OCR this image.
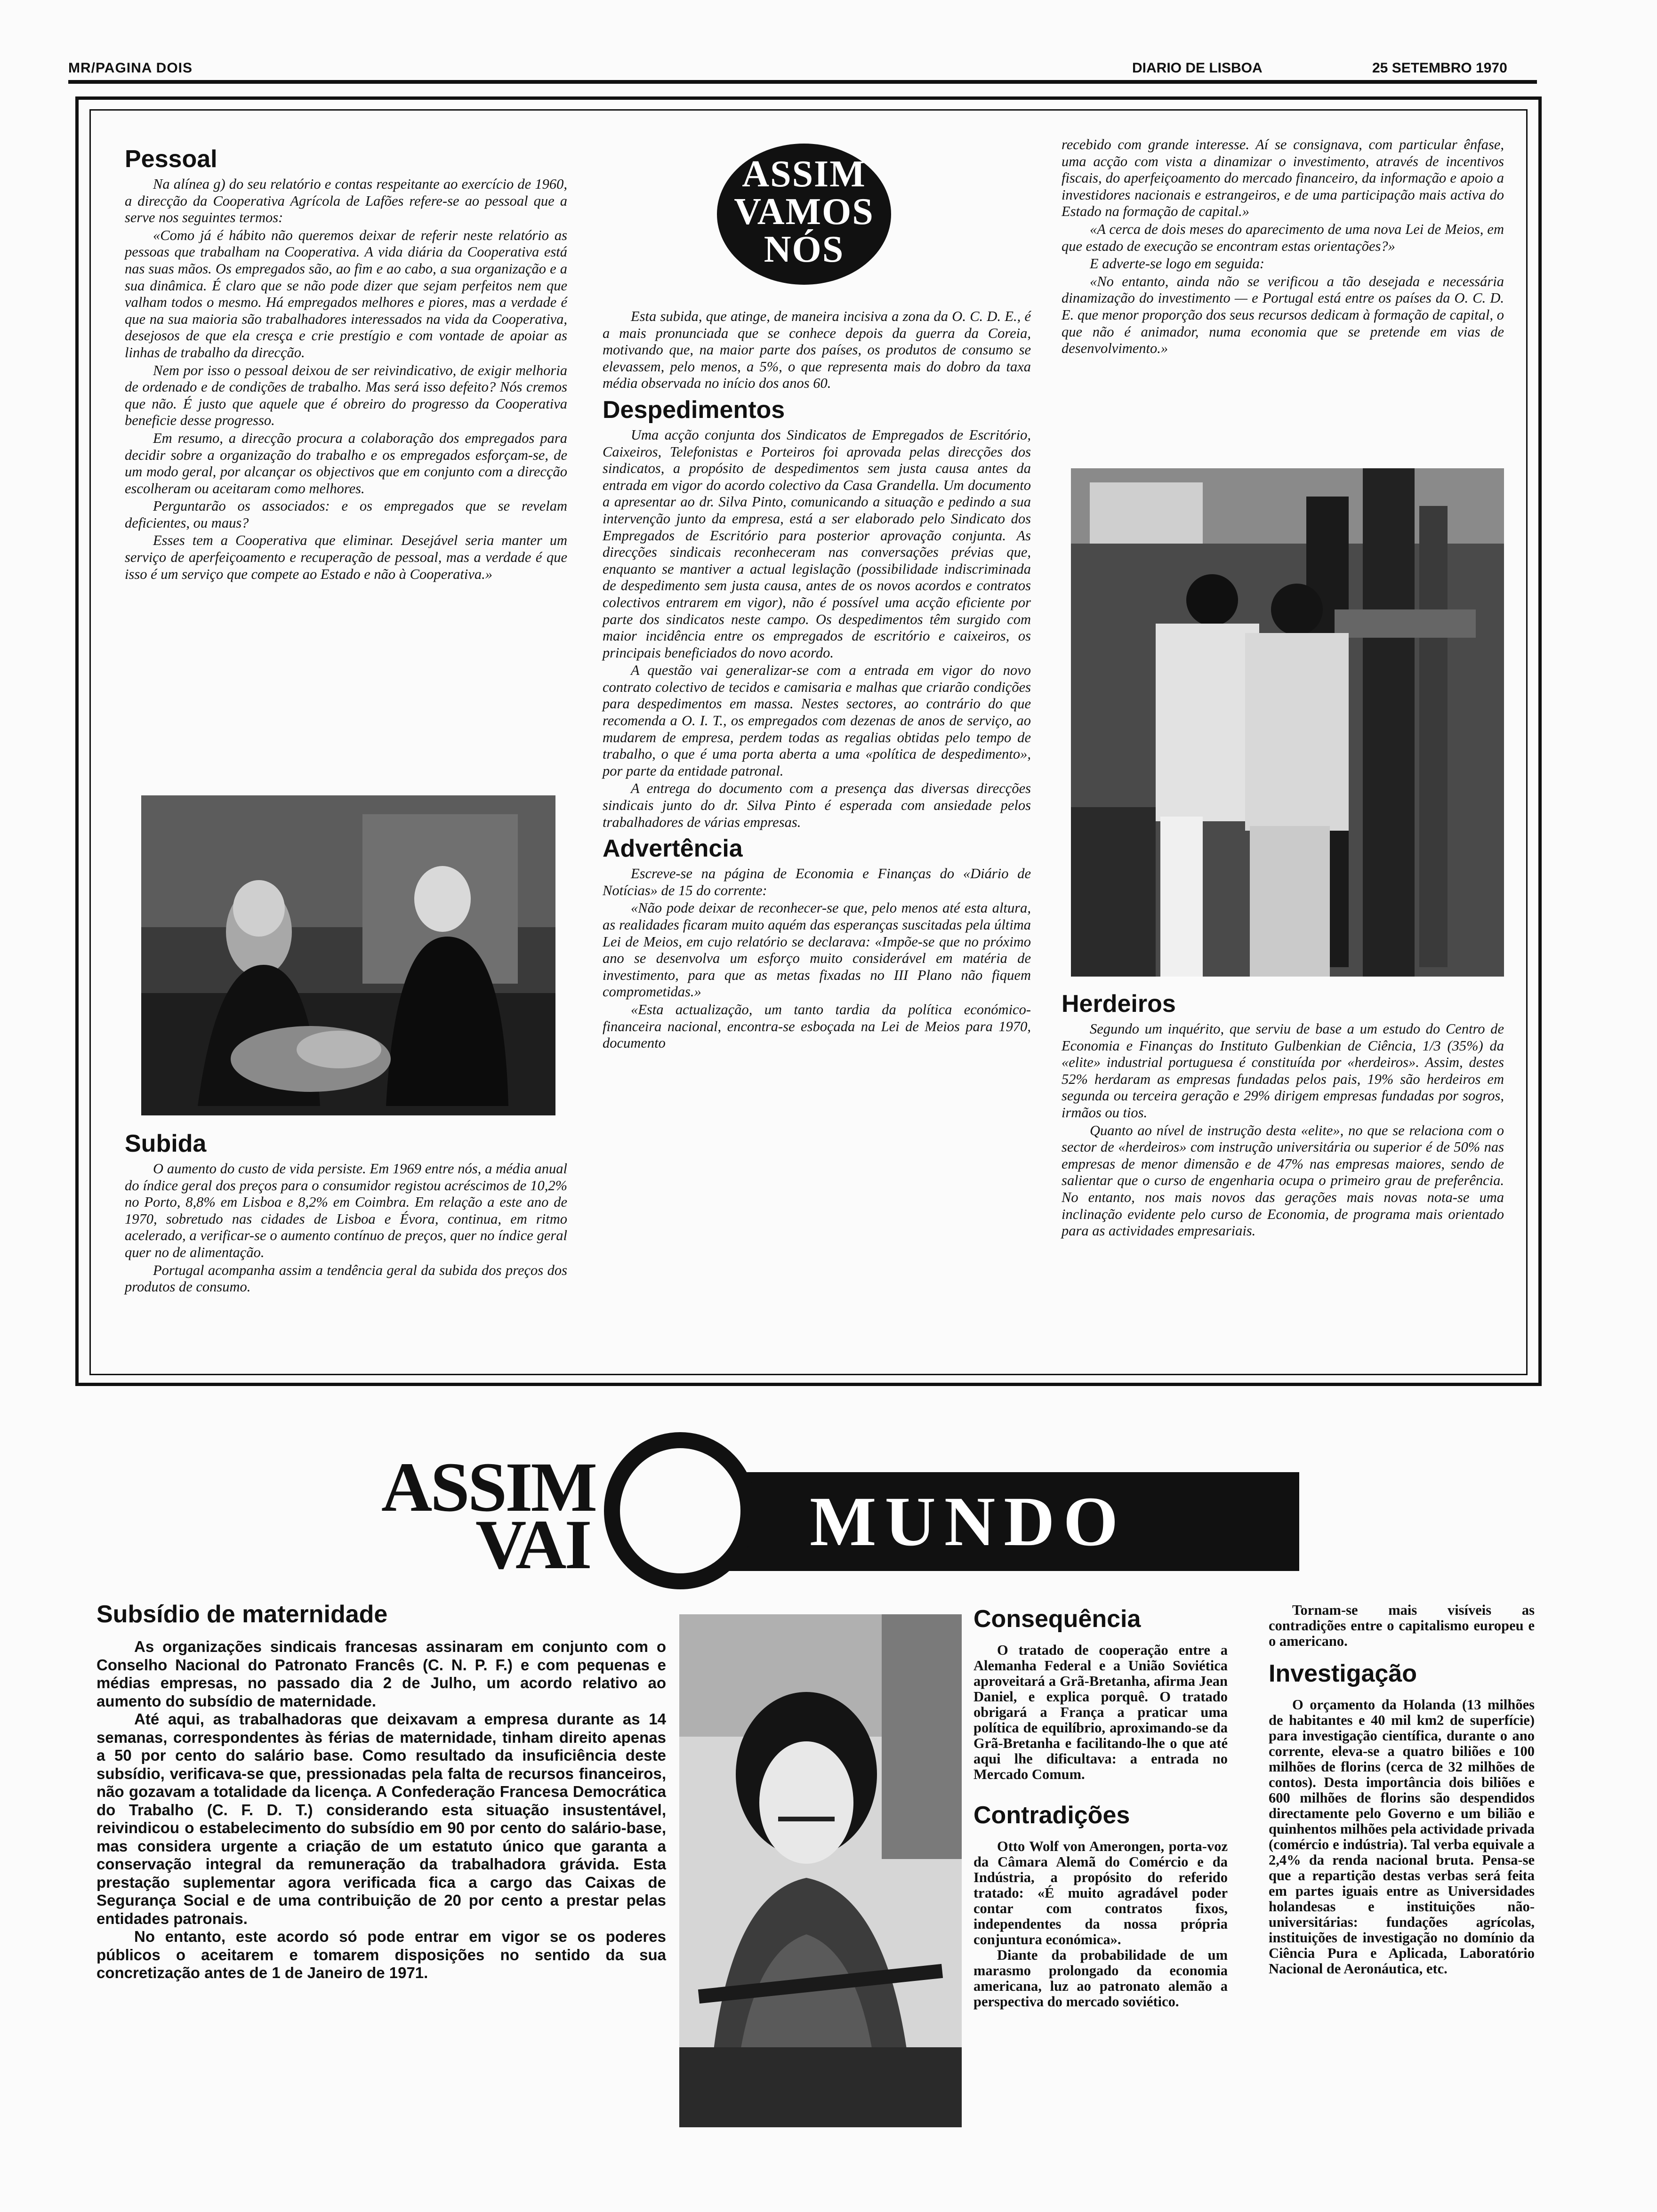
MR/PAGINA DOIS	DIARIO DE LISBOA	25 SETEMBRO 1970
Pessoal

Na alínea g) do seu relatório e contas respeitante ao exercício de 1960, a direcção da Cooperativa Agrícola de Lafões refere-se ao pessoal que a serve nos seguintes termos:

«Como já é hábito não queremos deixar de referir neste relatório as pessoas que trabalham na Cooperativa. A vida diária da Cooperativa está nas suas mãos. Os empregados são, ao fim e ao cabo, a sua organização e a sua dinâmica. É claro que se não pode dizer que sejam perfeitos nem que valham todos o mesmo. Há empregados melhores e piores, mas a verdade é que na sua maioria são trabalhadores interessados na vida da Cooperativa, desejosos de que ela cresça e crie prestígio e com vontade de apoiar as linhas de trabalho da direcção.

Nem por isso o pessoal deixou de ser reivindicativo, de exigir melhoria de ordenado e de condições de trabalho. Mas será isso defeito? Nós cremos que não. É justo que aquele que é obreiro do progresso da Cooperativa beneficie desse progresso.

Em resumo, a direcção procura a colaboração dos empregados para decidir sobre a organização do trabalho e os empregados esforçam-se, de um modo geral, por alcançar os objectivos que em conjunto com a direcção escolheram ou aceitaram como melhores.

Perguntarão os associados: e os empregados que se revelam deficientes, ou maus?

Esses tem a Cooperativa que eliminar. Desejável seria manter um serviço de aperfeiçoamento e recuperação de pessoal, mas a verdade é que isso é um serviço que compete ao Estado e não à Cooperativa.»

Subida

O aumento do custo de vida persiste. Em 1969 entre nós, a média anual do índice geral dos preços para o consumidor registou acréscimos de 10,2% no Porto, 8,8% em Lisboa e 8,2% em Coimbra. Em relação a este ano de 1970, sobretudo nas cidades de Lisboa e Évora, continua, em ritmo acelerado, a verificar-se o aumento contínuo de preços, quer no índice geral quer no de alimentação.

Portugal acompanha assim a tendência geral da subida dos preços dos produtos de consumo.

ASSIM
VAMOS
NÓS

Esta subida, que atinge, de maneira incisiva a zona da O. C. D. E., é a mais pronunciada que se conhece depois da guerra da Coreia, motivando que, na maior parte dos países, os produtos de consumo se elevassem, pelo menos, a 5%, o que representa mais do dobro da taxa média observada no início dos anos 60.

Despedimentos

Uma acção conjunta dos Sindicatos de Empregados de Escritório, Caixeiros, Telefonistas e Porteiros foi aprovada pelas direcções dos sindicatos, a propósito de despedimentos sem justa causa antes da entrada em vigor do acordo colectivo da Casa Grandella. Um documento a apresentar ao dr. Silva Pinto, comunicando a situação e pedindo a sua intervenção junto da empresa, está a ser elaborado pelo Sindicato dos Empregados de Escritório para posterior aprovação conjunta. As direcções sindicais reconheceram nas conversações prévias que, enquanto se mantiver a actual legislação (possibilidade indiscriminada de despedimento sem justa causa, antes de os novos acordos e contratos colectivos entrarem em vigor), não é possível uma acção eficiente por parte dos sindicatos neste campo. Os despedimentos têm surgido com maior incidência entre os empregados de escritório e caixeiros, os principais beneficiados do novo acordo.

A questão vai generalizar-se com a entrada em vigor do novo contrato colectivo de tecidos e camisaria e malhas que criarão condições para despedimentos em massa. Nestes sectores, ao contrário do que recomenda a O. I. T., os empregados com dezenas de anos de serviço, ao mudarem de empresa, perdem todas as regalias obtidas pelo tempo de trabalho, o que é uma porta aberta a uma «política de despedimento», por parte da entidade patronal.

A entrega do documento com a presença das diversas direcções sindicais junto do dr. Silva Pinto é esperada com ansiedade pelos trabalhadores de várias empresas.

Advertência

Escreve-se na página de Economia e Finanças do «Diário de Notícias» de 15 do corrente:

«Não pode deixar de reconhecer-se que, pelo menos até esta altura, as realidades ficaram muito aquém das esperanças suscitadas pela última Lei de Meios, em cujo relatório se declarava: «Impõe-se que no próximo ano se desenvolva um esforço muito considerável em matéria de investimento, para que as metas fixadas no III Plano não fiquem comprometidas.»

«Esta actualização, um tanto tardia da política económico-financeira nacional, encontra-se esboçada na Lei de Meios para 1970, documento

recebido com grande interesse. Aí se consignava, com particular ênfase, uma acção com vista a dinamizar o investimento, através de incentivos fiscais, do aperfeiçoamento do mercado financeiro, da informação e apoio a investidores nacionais e estrangeiros, e de uma participação mais activa do Estado na formação de capital.»

«A cerca de dois meses do aparecimento de uma nova Lei de Meios, em que estado de execução se encontram estas orientações?»

E adverte-se logo em seguida:

«No entanto, ainda não se verificou a tão desejada e necessária dinamização do investimento — e Portugal está entre os países da O. C. D. E. que menor proporção dos seus recursos dedicam à formação de capital, o que não é animador, numa economia que se pretende em vias de desenvolvimento.»

Herdeiros

Segundo um inquérito, que serviu de base a um estudo do Centro de Economia e Finanças do Instituto Gulbenkian de Ciência, 1/3 (35%) da «elite» industrial portuguesa é constituída por «herdeiros». Assim, destes 52% herdaram as empresas fundadas pelos pais, 19% são herdeiros em segunda ou terceira geração e 29% dirigem empresas fundadas por sogros, irmãos ou tios.

Quanto ao nível de instrução desta «elite», no que se relaciona com o sector de «herdeiros» com instrução universitária ou superior é de 50% nas empresas de menor dimensão e de 47% nas empresas maiores, sendo de salientar que o curso de engenharia ocupa o primeiro grau de preferência. No entanto, nos mais novos das gerações mais novas nota-se uma inclinação evidente pelo curso de Economia, de programa mais orientado para as actividades empresariais.

MUNDO
ASSIM
VAI
Subsídio de maternidade

As organizações sindicais francesas assinaram em conjunto com o Conselho Nacional do Patronato Francês (C. N. P. F.) e com pequenas e médias empresas, no passado dia 2 de Julho, um acordo relativo ao aumento do subsídio de maternidade.

Até aqui, as trabalhadoras que deixavam a empresa durante as 14 semanas, correspondentes às férias de maternidade, tinham direito apenas a 50 por cento do salário base. Como resultado da insuficiência deste subsídio, verificava-se que, pressionadas pela falta de recursos financeiros, não gozavam a totalidade da licença. A Confederação Francesa Democrática do Trabalho (C. F. D. T.) considerando esta situação insustentável, reivindicou o estabelecimento do subsídio em 90 por cento do salário-base, mas considera urgente a criação de um estatuto único que garanta a conservação integral da remuneração da trabalhadora grávida. Esta prestação suplementar agora verificada fica a cargo das Caixas de Segurança Social e de uma contribuição de 20 por cento a prestar pelas entidades patronais.

No entanto, este acordo só pode entrar em vigor se os poderes públicos o aceitarem e tomarem disposições no sentido da sua concretização antes de 1 de Janeiro de 1971.

Consequência

O tratado de cooperação entre a Alemanha Federal e a União Soviética aproveitará a Grã-Bretanha, afirma Jean Daniel, e explica porquê. O tratado obrigará a França a praticar uma política de equilíbrio, aproximando-se da Grã-Bretanha e facilitando-lhe o que até aqui lhe dificultava: a entrada no Mercado Comum.

Contradições

Otto Wolf von Amerongen, porta-voz da Câmara Alemã do Comércio e da Indústria, a propósito do referido tratado: «É muito agradável poder contar com contratos fixos, independentes da nossa própria conjuntura económica».

Diante da probabilidade de um marasmo prolongado da economia americana, luz ao patronato alemão a perspectiva do mercado soviético.

Tornam-se mais visíveis as contradições entre o capitalismo europeu e o americano.

Investigação

O orçamento da Holanda (13 milhões de habitantes e 40 mil km2 de superfície) para investigação científica, durante o ano corrente, eleva-se a quatro biliões e 100 milhões de florins (cerca de 32 milhões de contos). Desta importância dois biliões e 600 milhões de florins são despendidos directamente pelo Governo e um bilião e quinhentos milhões pela actividade privada (comércio e indústria). Tal verba equivale a 2,4% da renda nacional bruta. Pensa-se que a repartição destas verbas será feita em partes iguais entre as Universidades holandesas e instituições não-universitárias: fundações agrícolas, instituições de investigação no domínio da Ciência Pura e Aplicada, Laboratório Nacional de Aeronáutica, etc.
